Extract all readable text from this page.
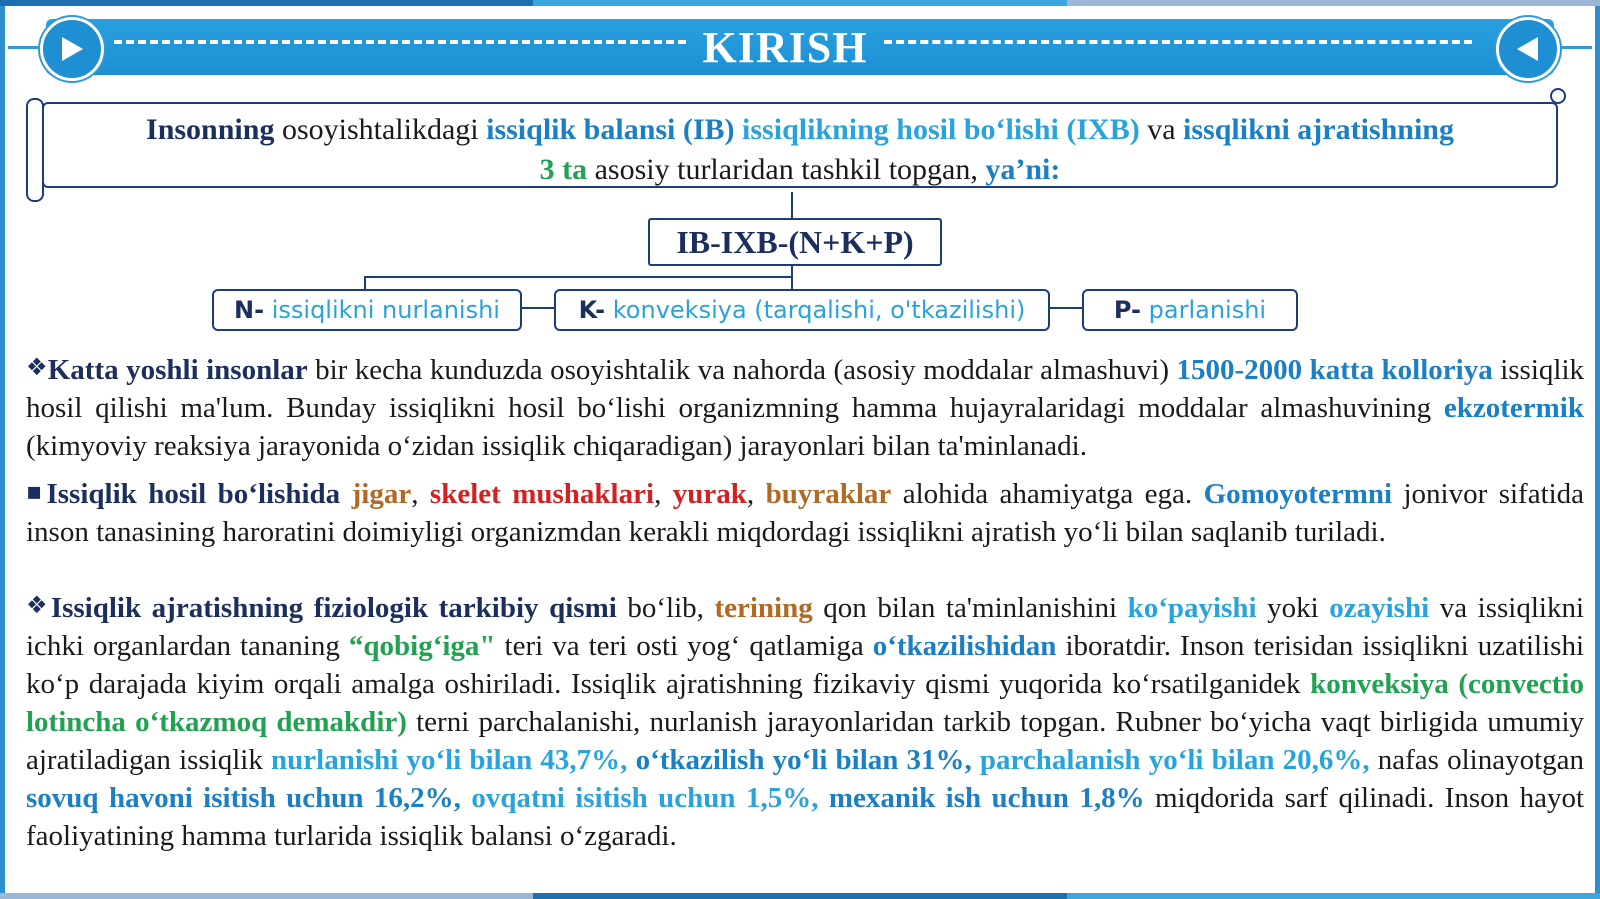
KIRISH
Insonning osoyishtalikdagi issiqlik balansi (IB) issiqlikning hosil bo‘lishi (IXB) va issqlikni ajratishning
3 ta asosiy turlaridan tashkil topgan, ya’ni:
IB-IXB-(N+K+P)
N- issiqlikni nurlanishi	K- konveksiya (tarqalishi, o'tkazilishi)	P- parlanishi
❖Katta yoshli insonlar bir kecha kunduzda osoyishtalik va nahorda (asosiy moddalar almashuvi) 1500-2000 katta kolloriya issiqlik hosil qilishi ma'lum. Bunday issiqlikni hosil bo‘lishi organizmning hamma hujayralaridagi moddalar almashuvining ekzotermik (kimyoviy reaksiya jarayonida o‘zidan issiqlik chiqaradigan) jarayonlari bilan ta'minlanadi.
▪Issiqlik hosil bo‘lishida jigar, skelet mushaklari, yurak, buyraklar alohida ahamiyatga ega. Gomoyotermni jonivor sifatida inson tanasining haroratini doimiyligi organizmdan kerakli miqdordagi issiqlikni ajratish yo‘li bilan saqlanib turiladi.
❖Issiqlik ajratishning fiziologik tarkibiy qismi bo‘lib, terining qon bilan ta'minlanishini ko‘payishi yoki ozayishi va issiqlikni ichki organlardan tananing “qobig‘iga" teri va teri osti yog‘ qatlamiga o‘tkazilishidan iboratdir. Inson terisidan issiqlikni uzatilishi ko‘p darajada kiyim orqali amalga oshiriladi. Issiqlik ajratishning fizikaviy qismi yuqorida ko‘rsatilganidek konveksiya (convectio lotincha o‘tkazmoq demakdir) terni parchalanishi, nurlanish jarayonlaridan tarkib topgan. Rubner bo‘yicha vaqt birligida umumiy ajratiladigan issiqlik nurlanishi yo‘li bilan 43,7%, o‘tkazilish yo‘li bilan 31%, parchalanish yo‘li bilan 20,6%, nafas olinayotgan sovuq havoni isitish uchun 16,2%, ovqatni isitish uchun 1,5%, mexanik ish uchun 1,8% miqdorida sarf qilinadi. Inson hayot faoliyatining hamma turlarida issiqlik balansi o‘zgaradi.
